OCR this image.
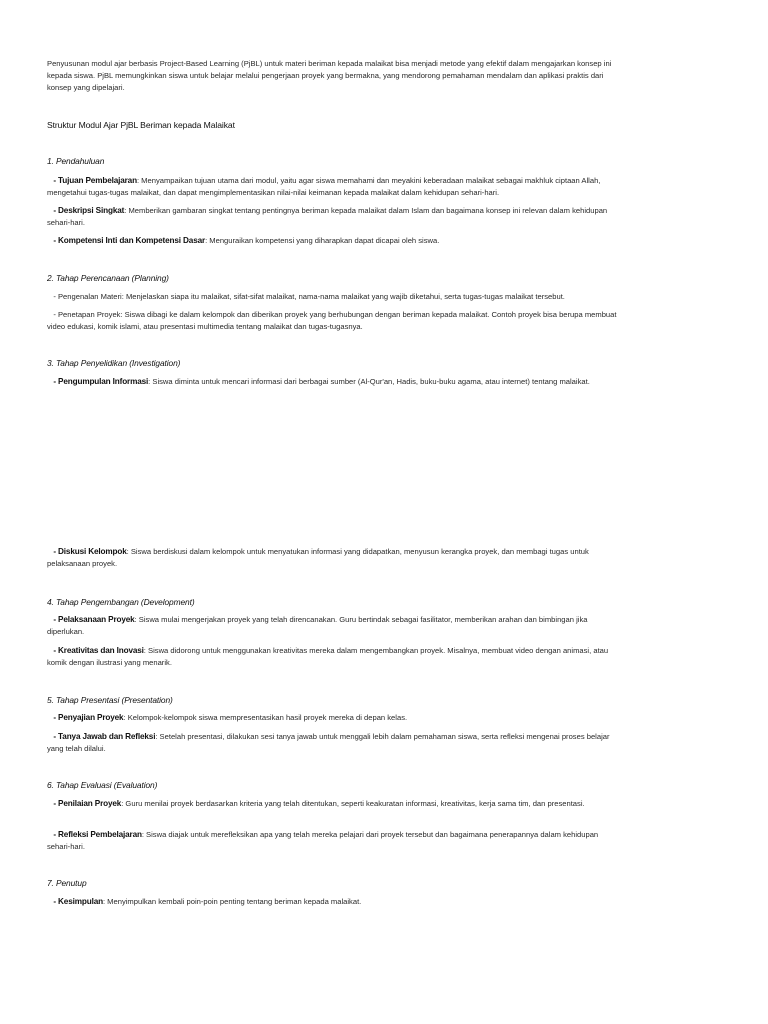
Penyusunan modul ajar berbasis Project-Based Learning (PjBL) untuk materi beriman kepada malaikat bisa menjadi metode yang efektif dalam mengajarkan konsep ini kepada siswa. PjBL memungkinkan siswa untuk belajar melalui pengerjaan proyek yang bermakna, yang mendorong pemahaman mendalam dan aplikasi praktis dari konsep yang dipelajari.

Struktur Modul Ajar PjBL Beriman kepada Malaikat

1. Pendahuluan

- Tujuan Pembelajaran: Menyampaikan tujuan utama dari modul, yaitu agar siswa memahami dan meyakini keberadaan malaikat sebagai makhluk ciptaan Allah, mengetahui tugas-tugas malaikat, dan dapat mengimplementasikan nilai-nilai keimanan kepada malaikat dalam kehidupan sehari-hari.

- Deskripsi Singkat: Memberikan gambaran singkat tentang pentingnya beriman kepada malaikat dalam Islam dan bagaimana konsep ini relevan dalam kehidupan sehari-hari.

- Kompetensi Inti dan Kompetensi Dasar: Menguraikan kompetensi yang diharapkan dapat dicapai oleh siswa.

2. Tahap Perencanaan (Planning)

- Pengenalan Materi: Menjelaskan siapa itu malaikat, sifat-sifat malaikat, nama-nama malaikat yang wajib diketahui, serta tugas-tugas malaikat tersebut.

- Penetapan Proyek: Siswa dibagi ke dalam kelompok dan diberikan proyek yang berhubungan dengan beriman kepada malaikat. Contoh proyek bisa berupa membuat video edukasi, komik islami, atau presentasi multimedia tentang malaikat dan tugas-tugasnya.

3. Tahap Penyelidikan (Investigation)

- Pengumpulan Informasi: Siswa diminta untuk mencari informasi dari berbagai sumber (Al-Qur'an, Hadis, buku-buku agama, atau internet) tentang malaikat.

- Diskusi Kelompok: Siswa berdiskusi dalam kelompok untuk menyatukan informasi yang didapatkan, menyusun kerangka proyek, dan membagi tugas untuk pelaksanaan proyek.

4. Tahap Pengembangan (Development)

- Pelaksanaan Proyek: Siswa mulai mengerjakan proyek yang telah direncanakan. Guru bertindak sebagai fasilitator, memberikan arahan dan bimbingan jika diperlukan.

- Kreativitas dan Inovasi: Siswa didorong untuk menggunakan kreativitas mereka dalam mengembangkan proyek. Misalnya, membuat video dengan animasi, atau komik dengan ilustrasi yang menarik.

5. Tahap Presentasi (Presentation)

- Penyajian Proyek: Kelompok-kelompok siswa mempresentasikan hasil proyek mereka di depan kelas.

- Tanya Jawab dan Refleksi: Setelah presentasi, dilakukan sesi tanya jawab untuk menggali lebih dalam pemahaman siswa, serta refleksi mengenai proses belajar yang telah dilalui.

6. Tahap Evaluasi (Evaluation)

- Penilaian Proyek: Guru menilai proyek berdasarkan kriteria yang telah ditentukan, seperti keakuratan informasi, kreativitas, kerja sama tim, dan presentasi.

- Refleksi Pembelajaran: Siswa diajak untuk merefleksikan apa yang telah mereka pelajari dari proyek tersebut dan bagaimana penerapannya dalam kehidupan sehari-hari.

7. Penutup

- Kesimpulan: Menyimpulkan kembali poin-poin penting tentang beriman kepada malaikat.
